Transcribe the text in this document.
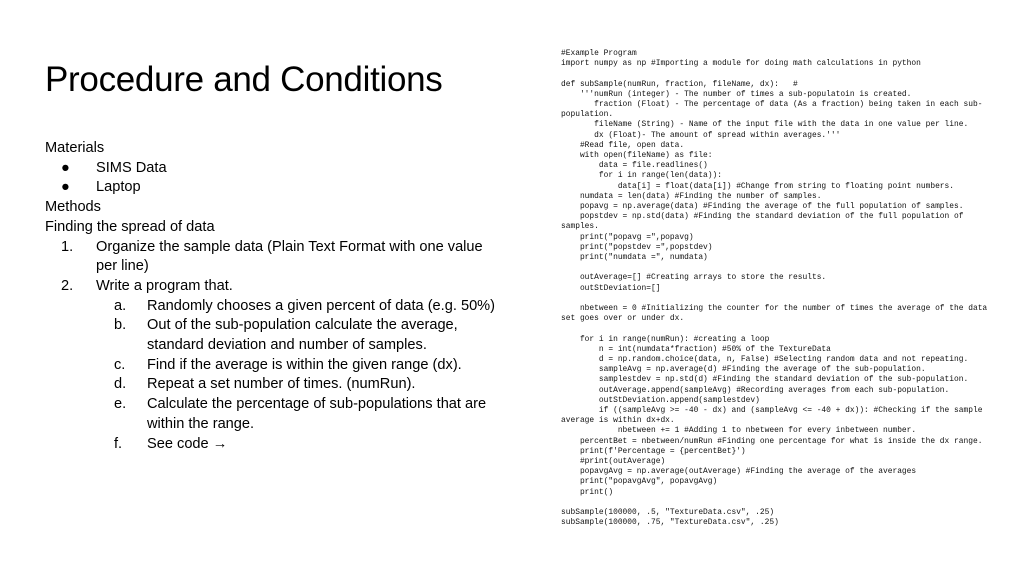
Procedure and Conditions
Materials
● SIMS Data
● Laptop
Methods
Finding the spread of data
1. Organize the sample data (Plain Text Format with one value per line)
2. Write a program that.
a. Randomly chooses a given percent of data (e.g. 50%)
b. Out of the sub-population calculate the average, standard deviation and number of samples.
c. Find if the average is within the given range (dx).
d. Repeat a set number of times. (numRun).
e. Calculate the percentage of sub-populations that are within the range.
f. See code →
#Example Program
import numpy as np #Importing a module for doing math calculations in python
def subSample(numRun, fraction, fileName, dx):   #
'''numRun (integer) - The number of times a sub-populatoin is created.
fraction (Float) - The percentage of data (As a fraction) being taken in each sub-
population.
fileName (String) - Name of the input file with the data in one value per line.
dx (Float)- The amount of spread within averages.'''
#Read file, open data.
with open(fileName) as file:
data = file.readlines()
for i in range(len(data)):
data[i] = float(data[i]) #Change from string to floating point numbers.
numdata = len(data) #Finding the number of samples.
popavg = np.average(data) #Finding the average of the full population of samples.
popstdev = np.std(data) #Finding the standard deviation of the full population of
samples.
print("popavg =",popavg)
print("popstdev =",popstdev)
print("numdata =", numdata)
outAverage=[] #Creating arrays to store the results.
outStDeviation=[]
nbetween = 0 #Initializing the counter for the number of times the average of the data
set goes over or under dx.
for i in range(numRun): #creating a loop
n = int(numdata*fraction) #50% of the TextureData
d = np.random.choice(data, n, False) #Selecting random data and not repeating.
sampleAvg = np.average(d) #Finding the average of the sub-population.
samplestdev = np.std(d) #Finding the standard deviation of the sub-population.
outAverage.append(sampleAvg) #Recording averages from each sub-population.
outStDeviation.append(samplestdev)
if ((sampleAvg >= -40 - dx) and (sampleAvg <= -40 + dx)): #Checking if the sample
average is within dx+dx.
nbetween += 1 #Adding 1 to nbetween for every inbetween number.
percentBet = nbetween/numRun #Finding one percentage for what is inside the dx range.
print(f'Percentage = {percentBet}')
#print(outAverage)
popavgAvg = np.average(outAverage) #Finding the average of the averages
print("popavgAvg", popavgAvg)
print()
subSample(100000, .5, "TextureData.csv", .25)
subSample(100000, .75, "TextureData.csv", .25)
